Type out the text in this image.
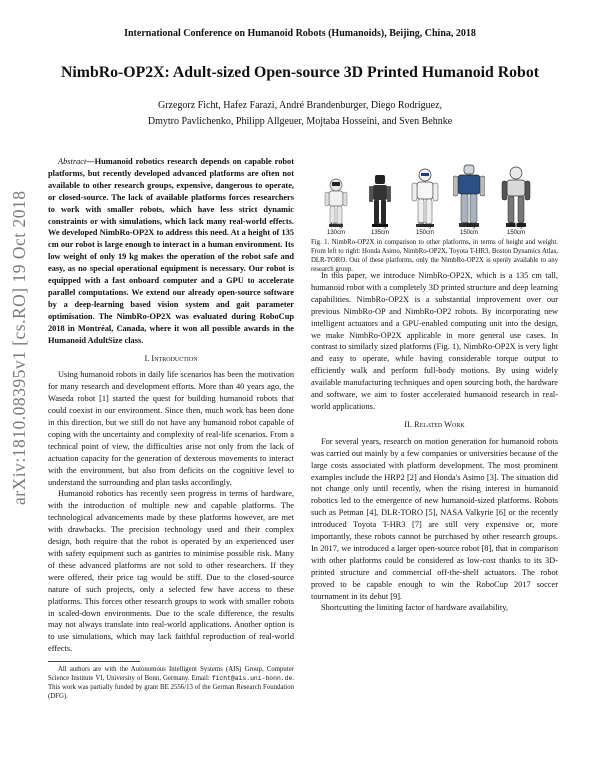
International Conference on Humanoid Robots (Humanoids), Beijing, China, 2018
NimbRo-OP2X: Adult-sized Open-source 3D Printed Humanoid Robot
Grzegorz Ficht, Hafez Farazi, André Brandenburger, Diego Rodriguez,
Dmytro Pavlichenko, Philipp Allgeuer, Mojtaba Hosseini, and Sven Behnke
arXiv:1810.08395v1 [cs.RO] 19 Oct 2018

Abstract—Humanoid robotics research depends on capable robot platforms, but recently developed advanced platforms are often not available to other research groups, expensive, dangerous to operate, or closed-source. The lack of available platforms forces researchers to work with smaller robots, which have less strict dynamic constraints or with simulations, which lack many real-world effects. We developed NimbRo-OP2X to address this need. At a height of 135 cm our robot is large enough to interact in a human environment. Its low weight of only 19 kg makes the operation of the robot safe and easy, as no special operational equipment is necessary. Our robot is equipped with a fast onboard computer and a GPU to accelerate parallel computations. We extend our already open-source software by a deep-learning based vision system and gait parameter optimisation. The NimbRo-OP2X was evaluated during RoboCup 2018 in Montréal, Canada, where it won all possible awards in the Humanoid AdultSize class.

I. Introduction

Using humanoid robots in daily life scenarios has been the motivation for many research and development efforts. More than 40 years ago, the Waseda robot [1] started the quest for building humanoid robots that could coexist in our environment. Since then, much work has been done in this direction, but we still do not have any humanoid robot capable of coping with the uncertainty and complexity of real-life scenarios. From a technical point of view, the difficulties arise not only from the lack of actuation capacity for the generation of dexterous movements to interact with the environment, but also from deficits on the cognitive level to understand the surrounding and plan tasks accordingly.

Humanoid robotics has recently seen progress in terms of hardware, with the introduction of multiple new and capable platforms. The technological advancements made by these platforms however, are met with drawbacks. The precision technology used and their complex design, both require that the robot is operated by an experienced user with safety equipment such as gantries to minimise possible risk. Many of these advanced platforms are not sold to other researchers. If they were offered, their price tag would be stiff. Due to the closed-source nature of such projects, only a selected few have access to these platforms. This forces other research groups to work with smaller robots in scaled-down environments. Due to the scale difference, the results may not always translate into real-world applications. Another option is to use simulations, which may lack faithful reproduction of real-world effects.

All authors are with the Autonomous Intelligent Systems (AIS) Group, Computer Science Institute VI, University of Bonn, Germany. Email: ficht@ais.uni-bonn.de. This work was partially funded by grant BE 2556/13 of the German Research Foundation (DFG).

48kg
130cm
19kg
135cm
75kg
150cm
75kg
150cm
76kg
150cm
Fig. 1. NimbRo-OP2X in comparison to other platforms, in terms of height and weight. From left to right: Honda Asimo, NimbRo-OP2X, Toyota T-HR3, Boston Dynamics Atlas, DLR-TORO. Out of these platforms, only the NimbRo-OP2X is openly available to any research group.

In this paper, we introduce NimbRo-OP2X, which is a 135 cm tall, humanoid robot with a completely 3D printed structure and deep learning capabilities. NimbRo-OP2X is a substantial improvement over our previous NimbRo-OP and NimbRo-OP2 robots. By incorporating new intelligent actuators and a GPU-enabled computing unit into the design, we make NimbRo-OP2X applicable in more general use cases. In contrast to similarly sized platforms (Fig. 1), NimbRo-OP2X is very light and easy to operate, while having considerable torque output to efficiently walk and perform full-body motions. By using widely available manufacturing techniques and open sourcing both, the hardware and software, we aim to foster accelerated humanoid research in real-world applications.

II. Related Work

For several years, research on motion generation for humanoid robots was carried out mainly by a few companies or universities because of the large costs associated with platform development. The most prominent examples include the HRP2 [2] and Honda's Asimo [3]. The situation did not change only until recently, when the rising interest in humanoid robotics led to the emergence of new humanoid-sized platforms. Robots such as Petman [4], DLR-TORO [5], NASA Valkyrie [6] or the recently introduced Toyota T-HR3 [7] are still very expensive or, more importantly, these robots cannot be purchased by other research groups. In 2017, we introduced a larger open-source robot [8], that in comparison with other platforms could be considered as low-cost thanks to its 3D-printed structure and commercial off-the-shelf actuators. The robot proved to be capable enough to win the RoboCup 2017 soccer tournament in its debut [9].

Shortcutting the limiting factor of hardware availability,
